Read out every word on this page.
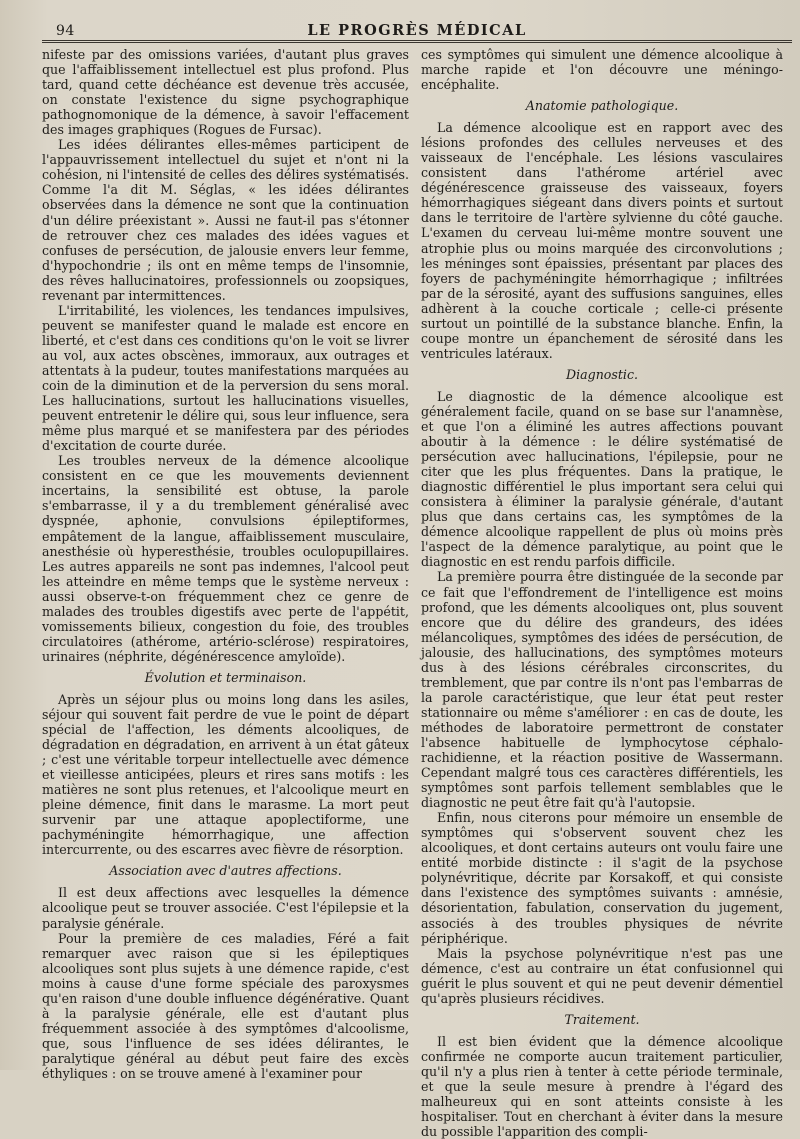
94	LE PROGRÈS MÉDICAL

nifeste par des omissions variées, d'autant plus graves que l'affaiblissement intellectuel est plus profond. Plus tard, quand cette déchéance est devenue très accusée, on constate l'existence du signe psychographique pathognomonique de la démence, à savoir l'effacement des images graphiques (Rogues de Fursac).

Les idées délirantes elles-mêmes participent de l'appauvrissement intellectuel du sujet et n'ont ni la cohésion, ni l'intensité de celles des délires systématisés. Comme l'a dit M. Séglas, « les idées délirantes observées dans la démence ne sont que la continuation d'un délire préexistant ». Aussi ne faut-il pas s'étonner de retrouver chez ces malades des idées vagues et confuses de persécution, de jalousie envers leur femme, d'hypochondrie ; ils ont en même temps de l'insomnie, des rêves hallucinatoires, professionnels ou zoopsiques, revenant par intermittences.

L'irritabilité, les violences, les tendances impulsives, peuvent se manifester quand le malade est encore en liberté, et c'est dans ces conditions qu'on le voit se livrer au vol, aux actes obscènes, immoraux, aux outrages et attentats à la pudeur, toutes manifestations marquées au coin de la diminution et de la perversion du sens moral. Les hallucinations, surtout les hallucinations visuelles, peuvent entretenir le délire qui, sous leur influence, sera même plus marqué et se manifestera par des périodes d'excitation de courte durée.

Les troubles nerveux de la démence alcoolique consistent en ce que les mouvements deviennent incertains, la sensibilité est obtuse, la parole s'embarrasse, il y a du tremblement généralisé avec dyspnée, aphonie, convulsions épileptiformes, empâtement de la langue, affaiblissement musculaire, anesthésie où hyperesthésie, troubles oculopupillaires. Les autres appareils ne sont pas indemnes, l'alcool peut les atteindre en même temps que le système nerveux : aussi observe-t-on fréquemment chez ce genre de malades des troubles digestifs avec perte de l'appétit, vomissements bilieux, congestion du foie, des troubles circulatoires (athérome, artério-sclérose) respiratoires, urinaires (néphrite, dégénérescence amyloïde).

Évolution et terminaison.

Après un séjour plus ou moins long dans les asiles, séjour qui souvent fait perdre de vue le point de départ spécial de l'affection, les déments alcooliques, de dégradation en dégradation, en arrivent à un état gâteux ; c'est une véritable torpeur intellectuelle avec démence et vieillesse anticipées, pleurs et rires sans motifs : les matières ne sont plus retenues, et l'alcoolique meurt en pleine démence, finit dans le marasme. La mort peut survenir par une attaque apoplectiforme, une pachyméningite hémorrhagique, une affection intercurrente, ou des escarres avec fièvre de résorption.

Association avec d'autres affections.

Il est deux affections avec lesquelles la démence alcoolique peut se trouver associée. C'est l'épilepsie et la paralysie générale.

Pour la première de ces maladies, Féré a fait remarquer avec raison que si les épileptiques alcooliques sont plus sujets à une démence rapide, c'est moins à cause d'une forme spéciale des paroxysmes qu'en raison d'une double influence dégénérative. Quant à la paralysie générale, elle est d'autant plus fréquemment associée à des symptômes d'alcoolisme, que, sous l'influence de ses idées délirantes, le paralytique général au début peut faire des excès éthyliques : on se trouve amené à l'examiner pour

ces symptômes qui simulent une démence alcoolique à marche rapide et l'on découvre une méningo-encéphalite.

Anatomie pathologique.

La démence alcoolique est en rapport avec des lésions profondes des cellules nerveuses et des vaisseaux de l'encéphale. Les lésions vasculaires consistent dans l'athérome artériel avec dégénérescence graisseuse des vaisseaux, foyers hémorrhagiques siégeant dans divers points et surtout dans le territoire de l'artère sylvienne du côté gauche. L'examen du cerveau lui-même montre souvent une atrophie plus ou moins marquée des circonvolutions ; les méninges sont épaissies, présentant par places des foyers de pachyméningite hémorrhagique ; infiltrées par de la sérosité, ayant des suffusions sanguines, elles adhèrent à la couche corticale ; celle-ci présente surtout un pointillé de la substance blanche. Enfin, la coupe montre un épanchement de sérosité dans les ventricules latéraux.

Diagnostic.

Le diagnostic de la démence alcoolique est généralement facile, quand on se base sur l'anamnèse, et que l'on a éliminé les autres affections pouvant aboutir à la démence : le délire systématisé de persécution avec hallucinations, l'épilepsie, pour ne citer que les plus fréquentes. Dans la pratique, le diagnostic différentiel le plus important sera celui qui consistera à éliminer la paralysie générale, d'autant plus que dans certains cas, les symptômes de la démence alcoolique rappellent de plus où moins près l'aspect de la démence paralytique, au point que le diagnostic en est rendu parfois difficile.

La première pourra être distinguée de la seconde par ce fait que l'effondrement de l'intelligence est moins profond, que les déments alcooliques ont, plus souvent encore que du délire des grandeurs, des idées mélancoliques, symptômes des idées de persécution, de jalousie, des hallucinations, des symptômes moteurs dus à des lésions cérébrales circonscrites, du tremblement, que par contre ils n'ont pas l'embarras de la parole caractéristique, que leur état peut rester stationnaire ou même s'améliorer : en cas de doute, les méthodes de laboratoire permettront de constater l'absence habituelle de lymphocytose céphalo-rachidienne, et la réaction positive de Wassermann. Cependant malgré tous ces caractères différentiels, les symptômes sont parfois tellement semblables que le diagnostic ne peut être fait qu'à l'autopsie.

Enfin, nous citerons pour mémoire un ensemble de symptômes qui s'observent souvent chez les alcooliques, et dont certains auteurs ont voulu faire une entité morbide distincte : il s'agit de la psychose polynévritique, décrite par Korsakoff, et qui consiste dans l'existence des symptômes suivants : amnésie, désorientation, fabulation, conservation du jugement, associés à des troubles physiques de névrite périphérique.

Mais la psychose polynévritique n'est pas une démence, c'est au contraire un état confusionnel qui guérit le plus souvent et qui ne peut devenir démentiel qu'après plusieurs récidives.

Traitement.

Il est bien évident que la démence alcoolique confirmée ne comporte aucun traitement particulier, qu'il n'y a plus rien à tenter à cette période terminale, et que la seule mesure à prendre à l'égard des malheureux qui en sont atteints consiste à les hospitaliser. Tout en cherchant à éviter dans la mesure du possible l'apparition des compli-
